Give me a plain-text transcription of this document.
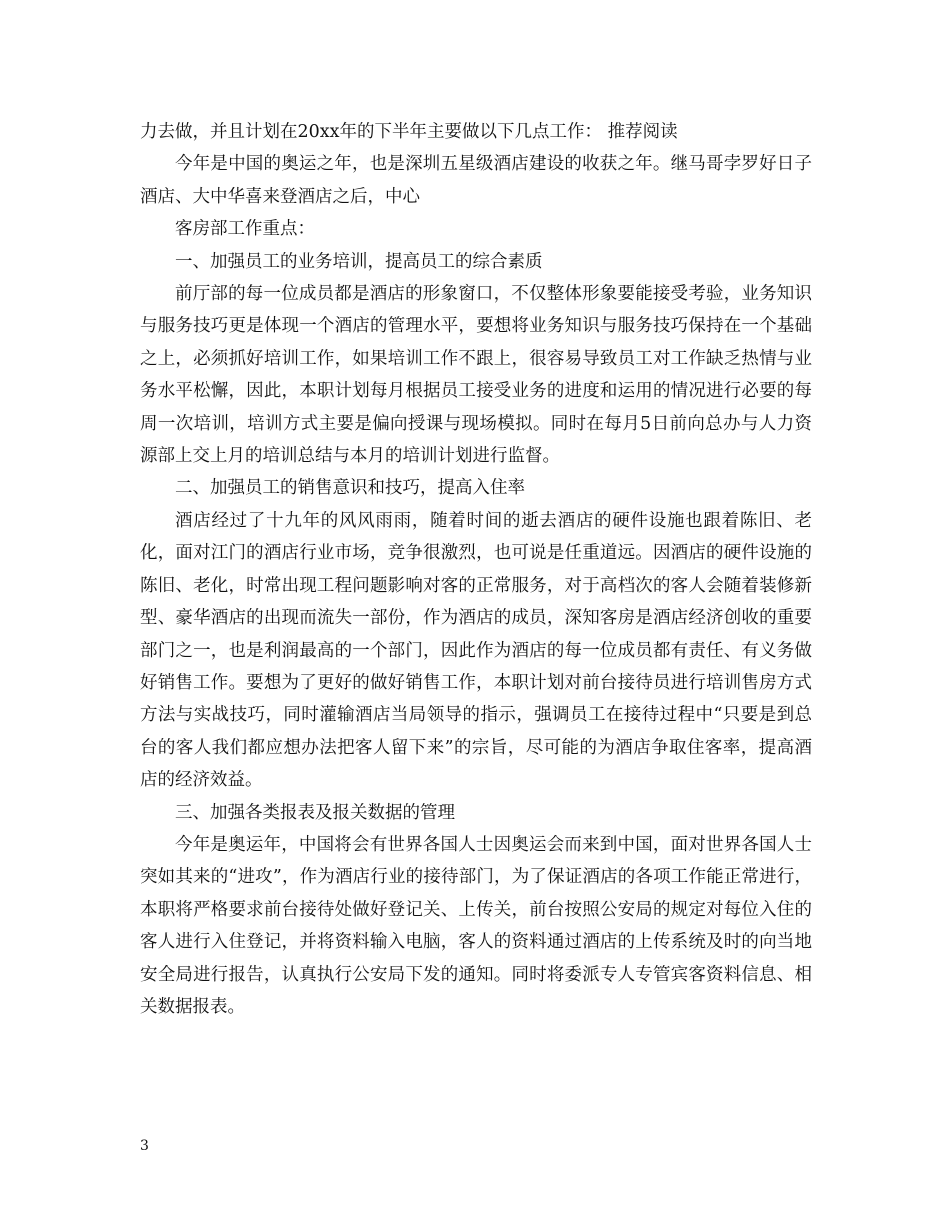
力去做，并且计划在20xx年的下半年主要做以下几点工作： 推荐阅读

今年是中国的奥运之年，也是深圳五星级酒店建设的收获之年。继马哥孛罗好日子酒店、大中华喜来登酒店之后，中心

客房部工作重点：

一、加强员工的业务培训，提高员工的综合素质

前厅部的每一位成员都是酒店的形象窗口，不仅整体形象要能接受考验，业务知识与服务技巧更是体现一个酒店的管理水平，要想将业务知识与服务技巧保持在一个基础之上，必须抓好培训工作，如果培训工作不跟上，很容易导致员工对工作缺乏热情与业务水平松懈，因此，本职计划每月根据员工接受业务的进度和运用的情况进行必要的每周一次培训，培训方式主要是偏向授课与现场模拟。同时在每月5日前向总办与人力资源部上交上月的培训总结与本月的培训计划进行监督。

二、加强员工的销售意识和技巧，提高入住率

酒店经过了十九年的风风雨雨，随着时间的逝去酒店的硬件设施也跟着陈旧、老化，面对江门的酒店行业市场，竞争很激烈，也可说是任重道远。因酒店的硬件设施的陈旧、老化，时常出现工程问题影响对客的正常服务，对于高档次的客人会随着装修新型、豪华酒店的出现而流失一部份，作为酒店的成员，深知客房是酒店经济创收的重要部门之一，也是利润最高的一个部门，因此作为酒店的每一位成员都有责任、有义务做好销售工作。要想为了更好的做好销售工作，本职计划对前台接待员进行培训售房方式方法与实战技巧，同时灌输酒店当局领导的指示，强调员工在接待过程中“只要是到总台的客人我们都应想办法把客人留下来”的宗旨，尽可能的为酒店争取住客率，提高酒店的经济效益。

三、加强各类报表及报关数据的管理

今年是奥运年，中国将会有世界各国人士因奥运会而来到中国，面对世界各国人士突如其来的“进攻”，作为酒店行业的接待部门，为了保证酒店的各项工作能正常进行，本职将严格要求前台接待处做好登记关、上传关，前台按照公安局的规定对每位入住的客人进行入住登记，并将资料输入电脑，客人的资料通过酒店的上传系统及时的向当地安全局进行报告，认真执行公安局下发的通知。同时将委派专人专管宾客资料信息、相关数据报表。

3
